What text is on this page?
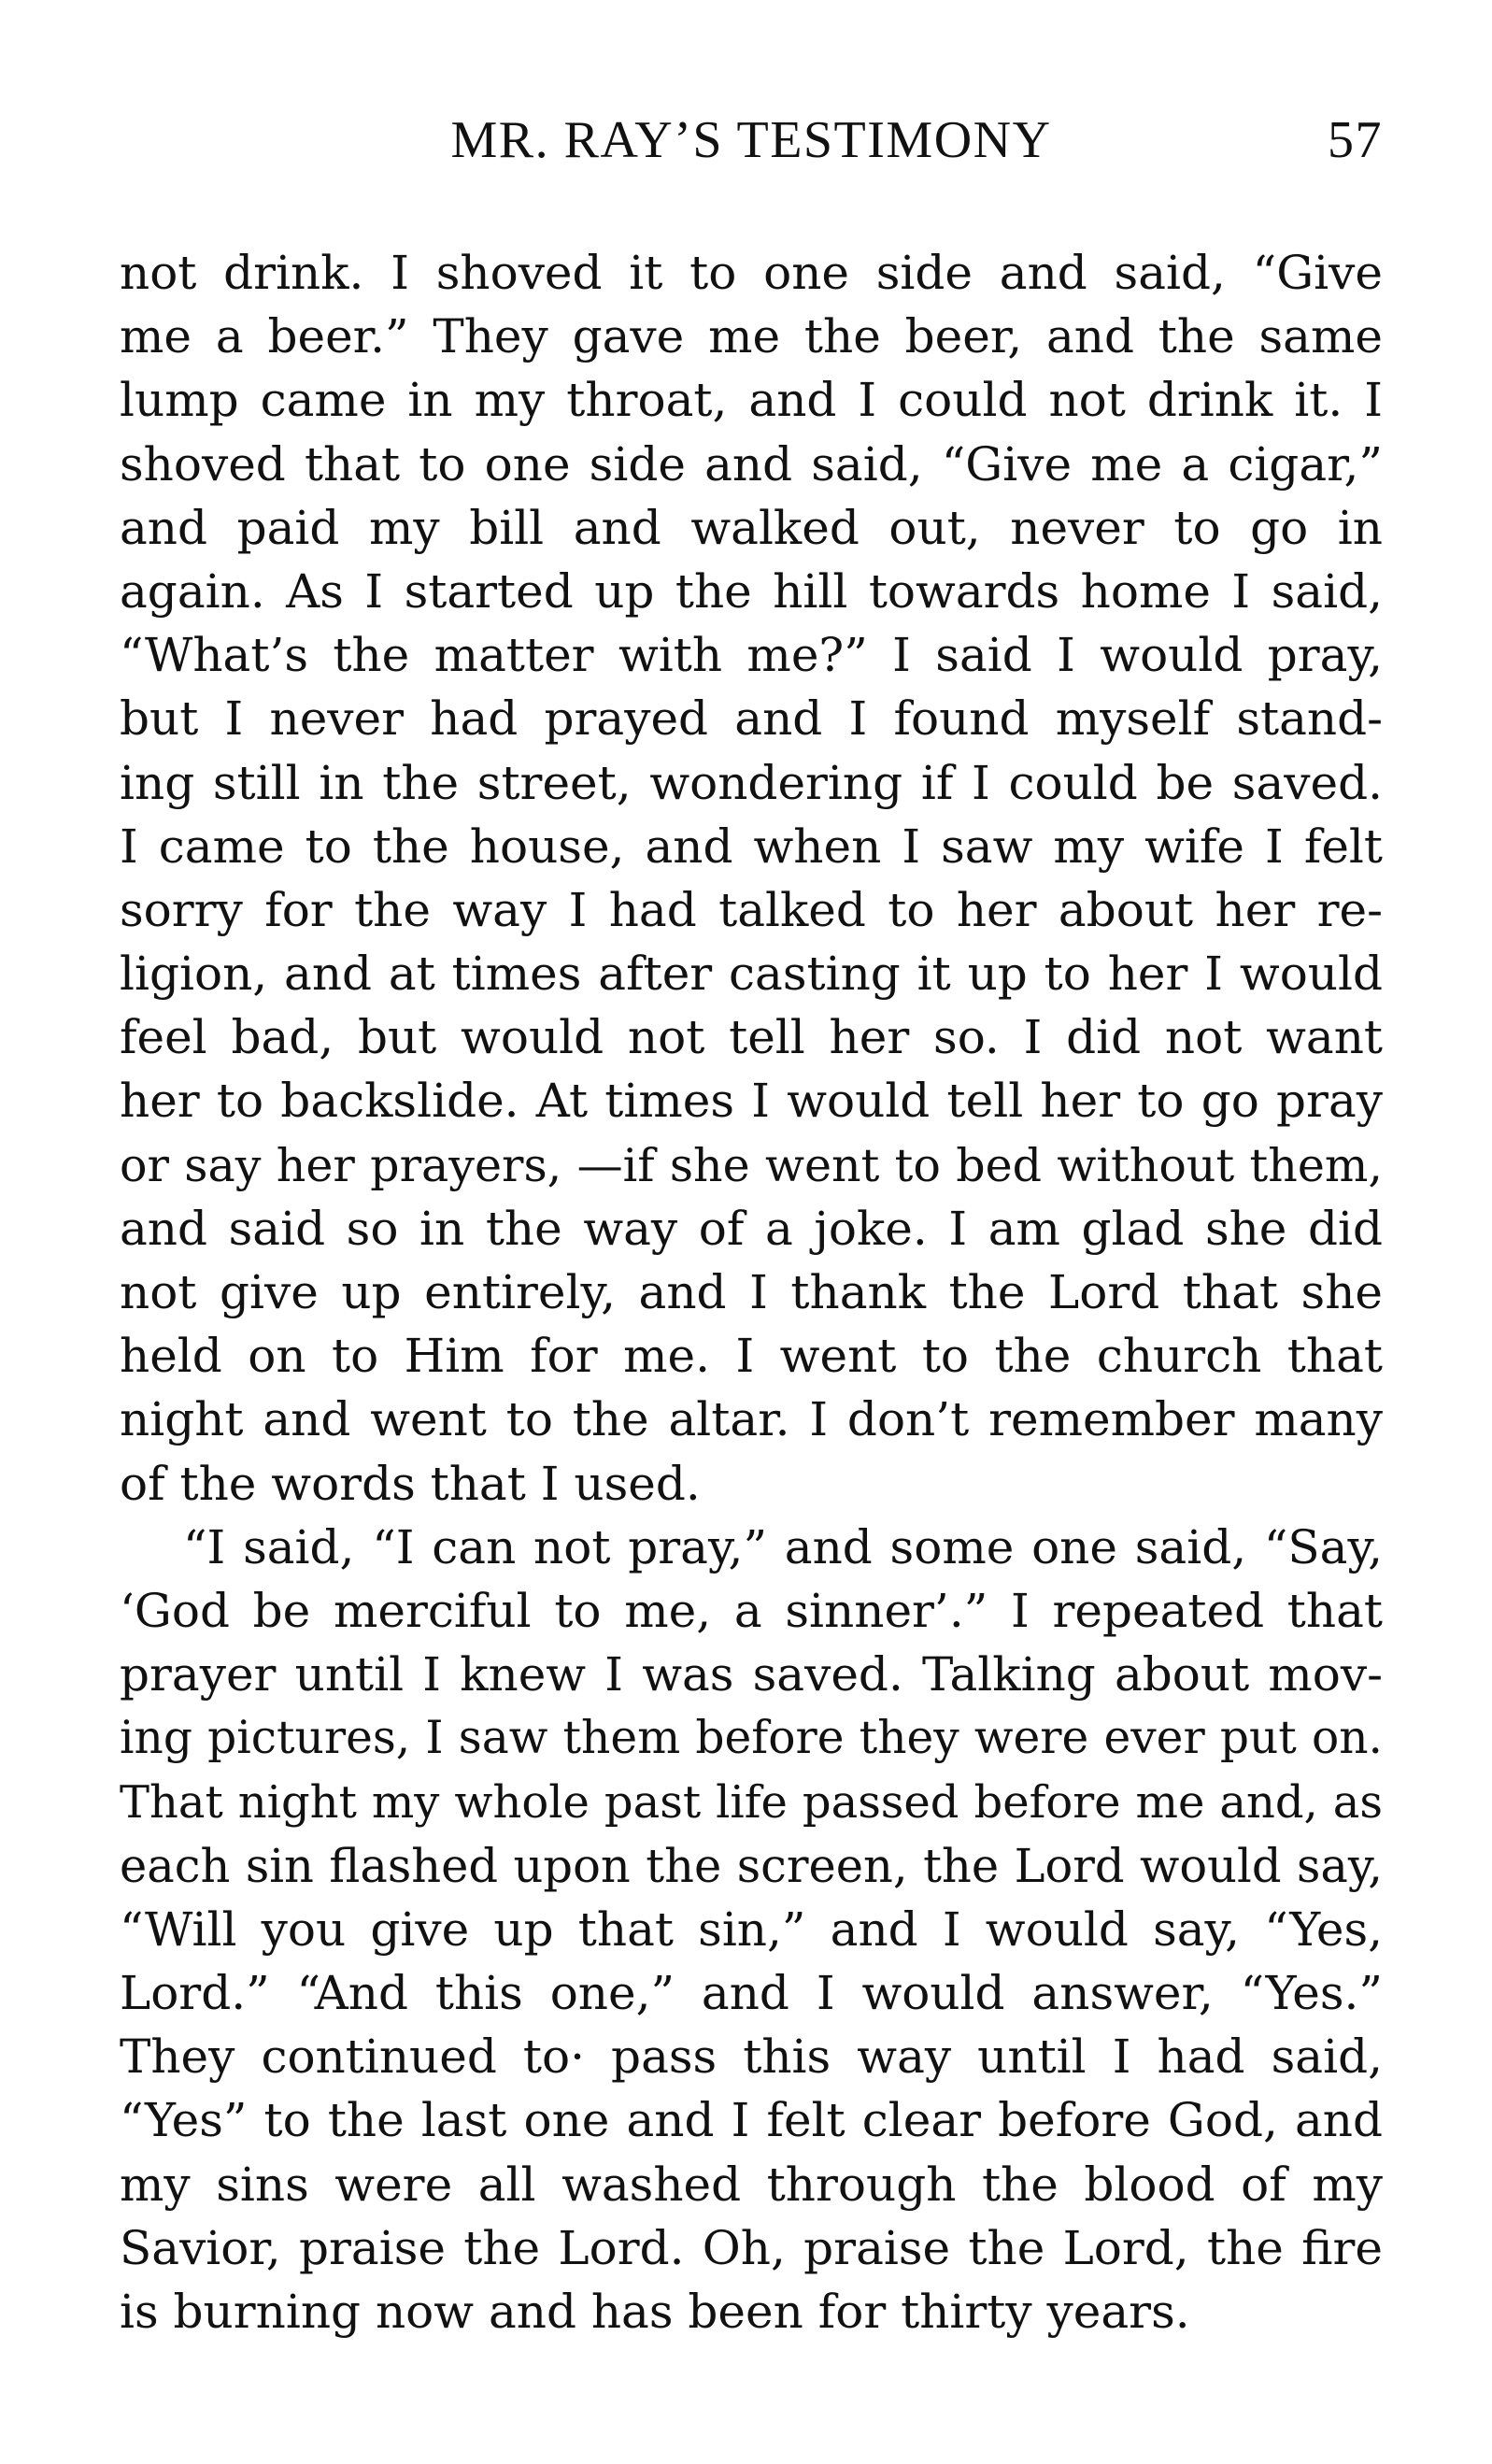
MR. RAY’S TESTIMONY	57
not drink. I shoved it to one side and said, “Give
me a beer.” They gave me the beer, and the same
lump came in my throat, and I could not drink it. I
shoved that to one side and said, “Give me a cigar,”
and paid my bill and walked out, never to go in
again. As I started up the hill towards home I said,
“What’s the matter with me?” I said I would pray,
but I never had prayed and I found myself stand-
ing still in the street, wondering if I could be saved.
I came to the house, and when I saw my wife I felt
sorry for the way I had talked to her about her re-
ligion, and at times after casting it up to her I would
feel bad, but would not tell her so. I did not want
her to backslide. At times I would tell her to go pray
or say her prayers, —if she went to bed without them,
and said so in the way of a joke. I am glad she did
not give up entirely, and I thank the Lord that she
held on to Him for me. I went to the church that
night and went to the altar. I don’t remember many
of the words that I used.
“I said, “I can not pray,” and some one said, “Say,
‘God be merciful to me, a sinner’.” I repeated that
prayer until I knew I was saved. Talking about mov-
ing pictures, I saw them before they were ever put on.
That night my whole past life passed before me and, as
each sin flashed upon the screen, the Lord would say,
“Will you give up that sin,” and I would say, “Yes,
Lord.” “And this one,” and I would answer, “Yes.”
They continued to· pass this way until I had said,
“Yes” to the last one and I felt clear before God, and
my sins were all washed through the blood of my
Savior, praise the Lord. Oh, praise the Lord, the fire
is burning now and has been for thirty years.
